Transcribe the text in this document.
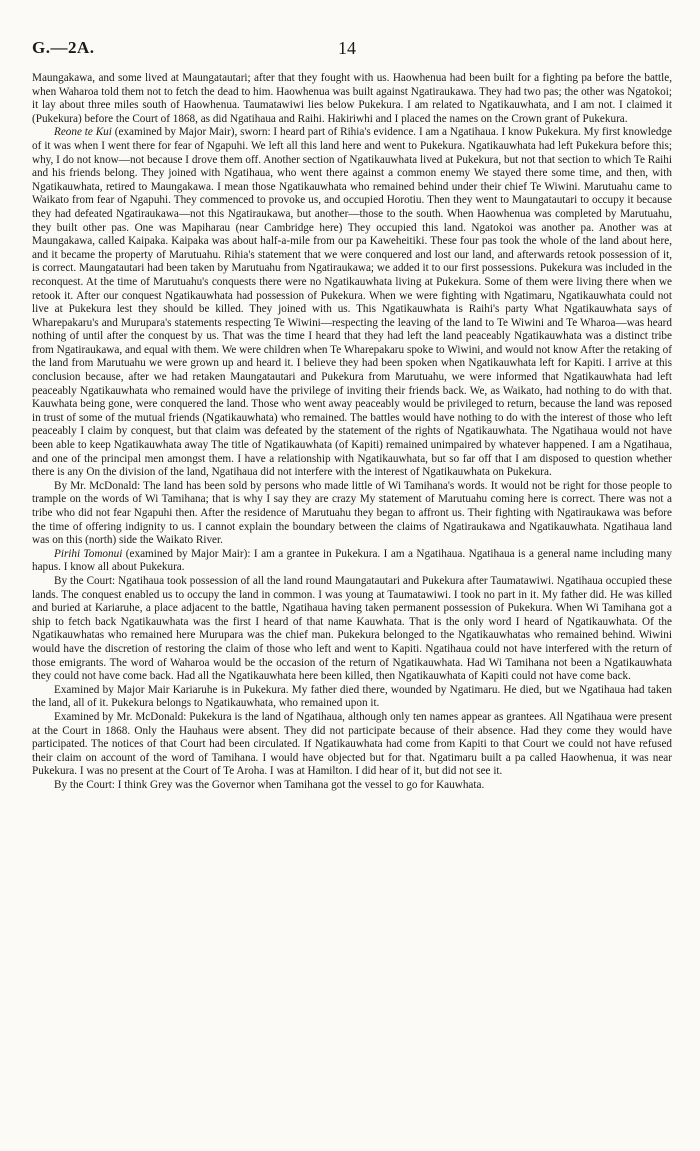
G.—2A.	14

Maungakawa, and some lived at Maungatautari; after that they fought with us. Haowhenua had been built for a fighting pa before the battle, when Waharoa told them not to fetch the dead to him. Haowhenua was built against Ngatiraukawa. They had two pas; the other was Ngatokoi; it lay about three miles south of Haowhenua. Taumatawiwi lies below Pukekura. I am related to Ngatikauwhata, and I am not. I claimed it (Pukekura) before the Court of 1868, as did Ngatihaua and Raihi. Hakiriwhi and I placed the names on the Crown grant of Pukekura.

Reone te Kui (examined by Major Mair), sworn: I heard part of Rihia's evidence. I am a Ngatihaua. I know Pukekura. My first knowledge of it was when I went there for fear of Ngapuhi. We left all this land here and went to Pukekura. Ngatikauwhata had left Pukekura before this; why, I do not know—not because I drove them off. Another section of Ngatikauwhata lived at Pukekura, but not that section to which Te Raihi and his friends belong. They joined with Ngatihaua, who went there against a common enemy We stayed there some time, and then, with Ngatikauwhata, retired to Maungakawa. I mean those Ngatikauwhata who remained behind under their chief Te Wiwini. Marutuahu came to Waikato from fear of Ngapuhi. They commenced to provoke us, and occupied Horotiu. Then they went to Maungatautari to occupy it because they had defeated Ngatiraukawa—not this Ngatiraukawa, but another—those to the south. When Haowhenua was completed by Marutuahu, they built other pas. One was Mapiharau (near Cambridge here) They occupied this land. Ngatokoi was another pa. Another was at Maungakawa, called Kaipaka. Kaipaka was about half-a-mile from our pa Kaweheitiki. These four pas took the whole of the land about here, and it became the property of Marutuahu. Rihia's statement that we were conquered and lost our land, and afterwards retook possession of it, is correct. Maungatautari had been taken by Marutuahu from Ngatiraukawa; we added it to our first possessions. Pukekura was included in the reconquest. At the time of Marutuahu's conquests there were no Ngatikauwhata living at Pukekura. Some of them were living there when we retook it. After our conquest Ngatikauwhata had possession of Pukekura. When we were fighting with Ngatimaru, Ngatikauwhata could not live at Pukekura lest they should be killed. They joined with us. This Ngatikauwhata is Raihi's party What Ngatikauwhata says of Wharepakaru's and Murupara's statements respecting Te Wiwini—respecting the leaving of the land to Te Wiwini and Te Wharoa—was heard nothing of until after the conquest by us. That was the time I heard that they had left the land peaceably Ngatikauwhata was a distinct tribe from Ngatiraukawa, and equal with them. We were children when Te Wharepakaru spoke to Wiwini, and would not know After the retaking of the land from Marutuahu we were grown up and heard it. I believe they had been spoken when Ngatikauwhata left for Kapiti. I arrive at this conclusion because, after we had retaken Maungatautari and Pukekura from Marutuahu, we were informed that Ngatikauwhata had left peaceably Ngatikauwhata who remained would have the privilege of inviting their friends back. We, as Waikato, had nothing to do with that. Kauwhata being gone, were conquered the land. Those who went away peaceably would be privileged to return, because the land was reposed in trust of some of the mutual friends (Ngatikauwhata) who remained. The battles would have nothing to do with the interest of those who left peaceably I claim by conquest, but that claim was defeated by the statement of the rights of Ngatikauwhata. The Ngatihaua would not have been able to keep Ngatikauwhata away The title of Ngatikauwhata (of Kapiti) remained unimpaired by whatever happened. I am a Ngatihaua, and one of the principal men amongst them. I have a relationship with Ngatikauwhata, but so far off that I am disposed to question whether there is any On the division of the land, Ngatihaua did not interfere with the interest of Ngatikauwhata on Pukekura.

By Mr. McDonald: The land has been sold by persons who made little of Wi Tamihana's words. It would not be right for those people to trample on the words of Wi Tamihana; that is why I say they are crazy My statement of Marutuahu coming here is correct. There was not a tribe who did not fear Ngapuhi then. After the residence of Marutuahu they began to affront us. Their fighting with Ngatiraukawa was before the time of offering indignity to us. I cannot explain the boundary between the claims of Ngatiraukawa and Ngatikauwhata. Ngatihaua land was on this (north) side the Waikato River.

Pirihi Tomonui (examined by Major Mair): I am a grantee in Pukekura. I am a Ngatihaua. Ngatihaua is a general name including many hapus. I know all about Pukekura.

By the Court: Ngatihaua took possession of all the land round Maungatautari and Pukekura after Taumatawiwi. Ngatihaua occupied these lands. The conquest enabled us to occupy the land in common. I was young at Taumatawiwi. I took no part in it. My father did. He was killed and buried at Kariaruhe, a place adjacent to the battle, Ngatihaua having taken permanent possession of Pukekura. When Wi Tamihana got a ship to fetch back Ngatikauwhata was the first I heard of that name Kauwhata. That is the only word I heard of Ngatikauwhata. Of the Ngatikauwhatas who remained here Murupara was the chief man. Pukekura belonged to the Ngatikauwhatas who remained behind. Wiwini would have the discretion of restoring the claim of those who left and went to Kapiti. Ngatihaua could not have interfered with the return of those emigrants. The word of Waharoa would be the occasion of the return of Ngatikauwhata. Had Wi Tamihana not been a Ngatikauwhata they could not have come back. Had all the Ngatikauwhata here been killed, then Ngatikauwhata of Kapiti could not have come back.

Examined by Major Mair Kariaruhe is in Pukekura. My father died there, wounded by Ngatimaru. He died, but we Ngatihaua had taken the land, all of it. Pukekura belongs to Ngatikauwhata, who remained upon it.

Examined by Mr. McDonald: Pukekura is the land of Ngatihaua, although only ten names appear as grantees. All Ngatihaua were present at the Court in 1868. Only the Hauhaus were absent. They did not participate because of their absence. Had they come they would have participated. The notices of that Court had been circulated. If Ngatikauwhata had come from Kapiti to that Court we could not have refused their claim on account of the word of Tamihana. I would have objected but for that. Ngatimaru built a pa called Haowhenua, it was near Pukekura. I was no present at the Court of Te Aroha. I was at Hamilton. I did hear of it, but did not see it.

By the Court: I think Grey was the Governor when Tamihana got the vessel to go for Kauwhata.
